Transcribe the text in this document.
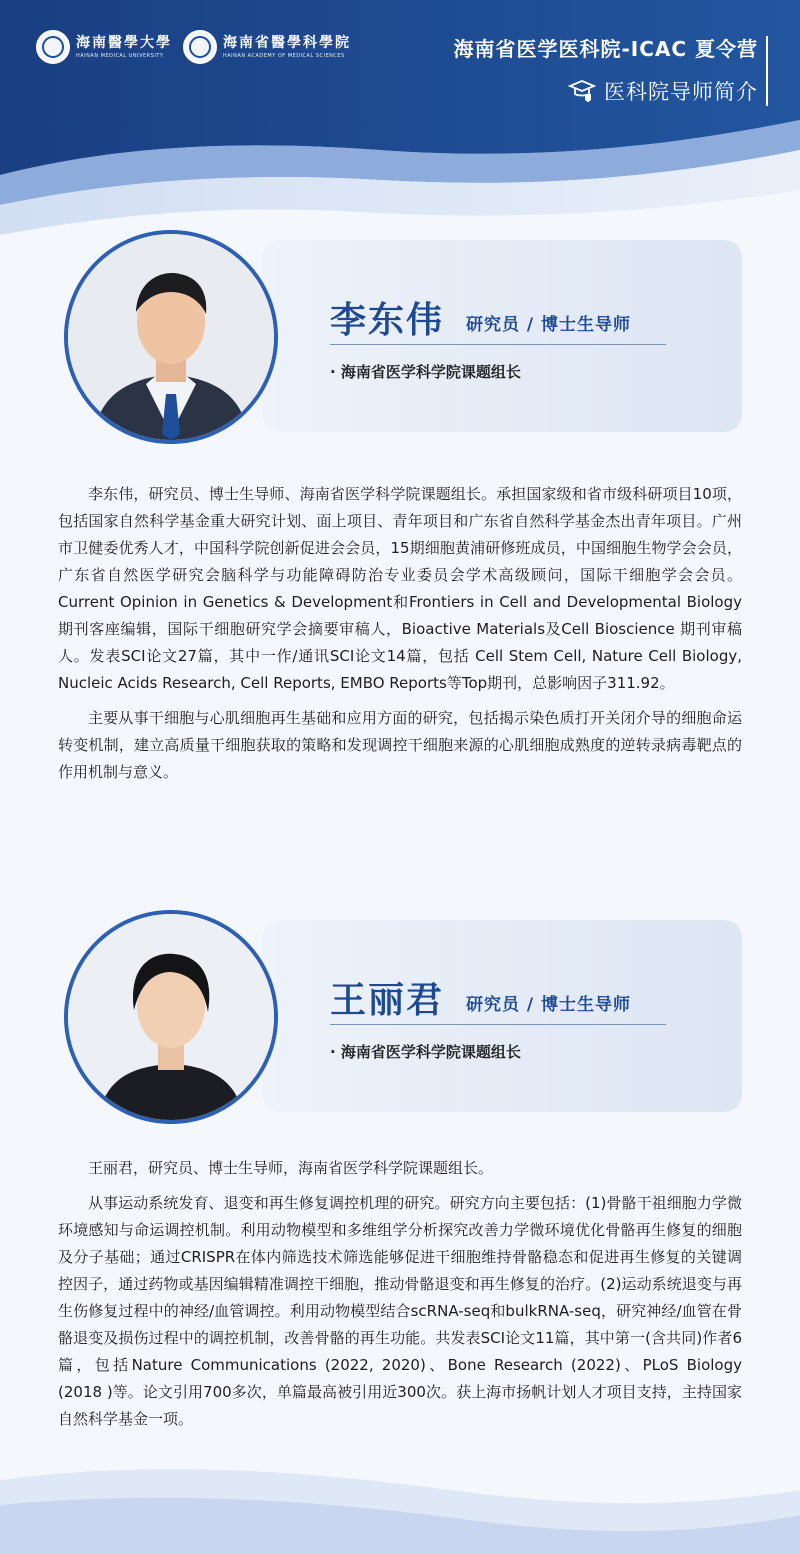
海南醫學大學
HAINAN MEDICAL UNIVERSITY
海南省醫學科學院
HAINAN ACADEMY OF MEDICAL SCIENCES	海南省医学医科院-ICAC 夏令营
医科院导师简介
李东伟 研究员 / 博士生导师
· 海南省医学科学院课题组长

李东伟，研究员、博士生导师、海南省医学科学院课题组长。承担国家级和省市级科研项目10项，包括国家自然科学基金重大研究计划、面上项目、青年项目和广东省自然科学基金杰出青年项目。广州市卫健委优秀人才，中国科学院创新促进会会员，15期细胞黄浦研修班成员，中国细胞生物学会会员，广东省自然医学研究会脑科学与功能障碍防治专业委员会学术高级顾问，国际干细胞学会会员。Current Opinion in Genetics & Development和Frontiers in Cell and Developmental Biology期刊客座编辑，国际干细胞研究学会摘要审稿人，Bioactive Materials及Cell Bioscience 期刊审稿人。发表SCI论文27篇，其中一作/通讯SCI论文14篇，包括 Cell Stem Cell, Nature Cell Biology, Nucleic Acids Research, Cell Reports, EMBO Reports等Top期刊，总影响因子311.92。

主要从事干细胞与心肌细胞再生基础和应用方面的研究，包括揭示染色质打开关闭介导的细胞命运转变机制，建立高质量干细胞获取的策略和发现调控干细胞来源的心肌细胞成熟度的逆转录病毒靶点的作用机制与意义。

王丽君 研究员 / 博士生导师
· 海南省医学科学院课题组长

王丽君，研究员、博士生导师，海南省医学科学院课题组长。

从事运动系统发育、退变和再生修复调控机理的研究。研究方向主要包括：(1)骨骼干祖细胞力学微环境感知与命运调控机制。利用动物模型和多维组学分析探究改善力学微环境优化骨骼再生修复的细胞及分子基础；通过CRISPR在体内筛选技术筛选能够促进干细胞维持骨骼稳态和促进再生修复的关键调控因子，通过药物或基因编辑精准调控干细胞，推动骨骼退变和再生修复的治疗。(2)运动系统退变与再生伤修复过程中的神经/血管调控。利用动物模型结合scRNA-seq和bulkRNA-seq，研究神经/血管在骨骼退变及损伤过程中的调控机制，改善骨骼的再生功能。共发表SCI论文11篇，其中第一(含共同)作者6篇，包括Nature Communications (2022, 2020)、Bone Research (2022)、PLoS Biology (2018 )等。论文引用700多次，单篇最高被引用近300次。获上海市扬帆计划人才项目支持，主持国家自然科学基金一项。
